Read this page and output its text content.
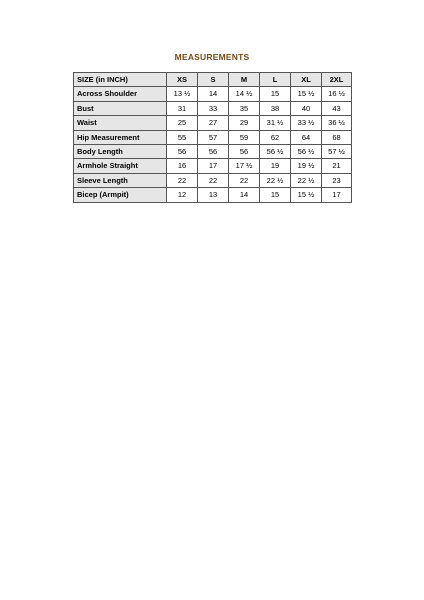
MEASUREMENTS
SIZE (in INCH)	XS	S	M	L	XL	2XL
Across Shoulder	13 ½	14	14 ½	15	15 ½	16 ½
Bust	31	33	35	38	40	43
Waist	25	27	29	31 ½	33 ½	36 ½
Hip Measurement	55	57	59	62	64	68
Body Length	56	56	56	56 ½	56 ½	57 ½
Armhole Straight	16	17	17 ½	19	19 ½	21
Sleeve Length	22	22	22	22 ½	22 ½	23
Bicep (Armpit)	12	13	14	15	15 ½	17
